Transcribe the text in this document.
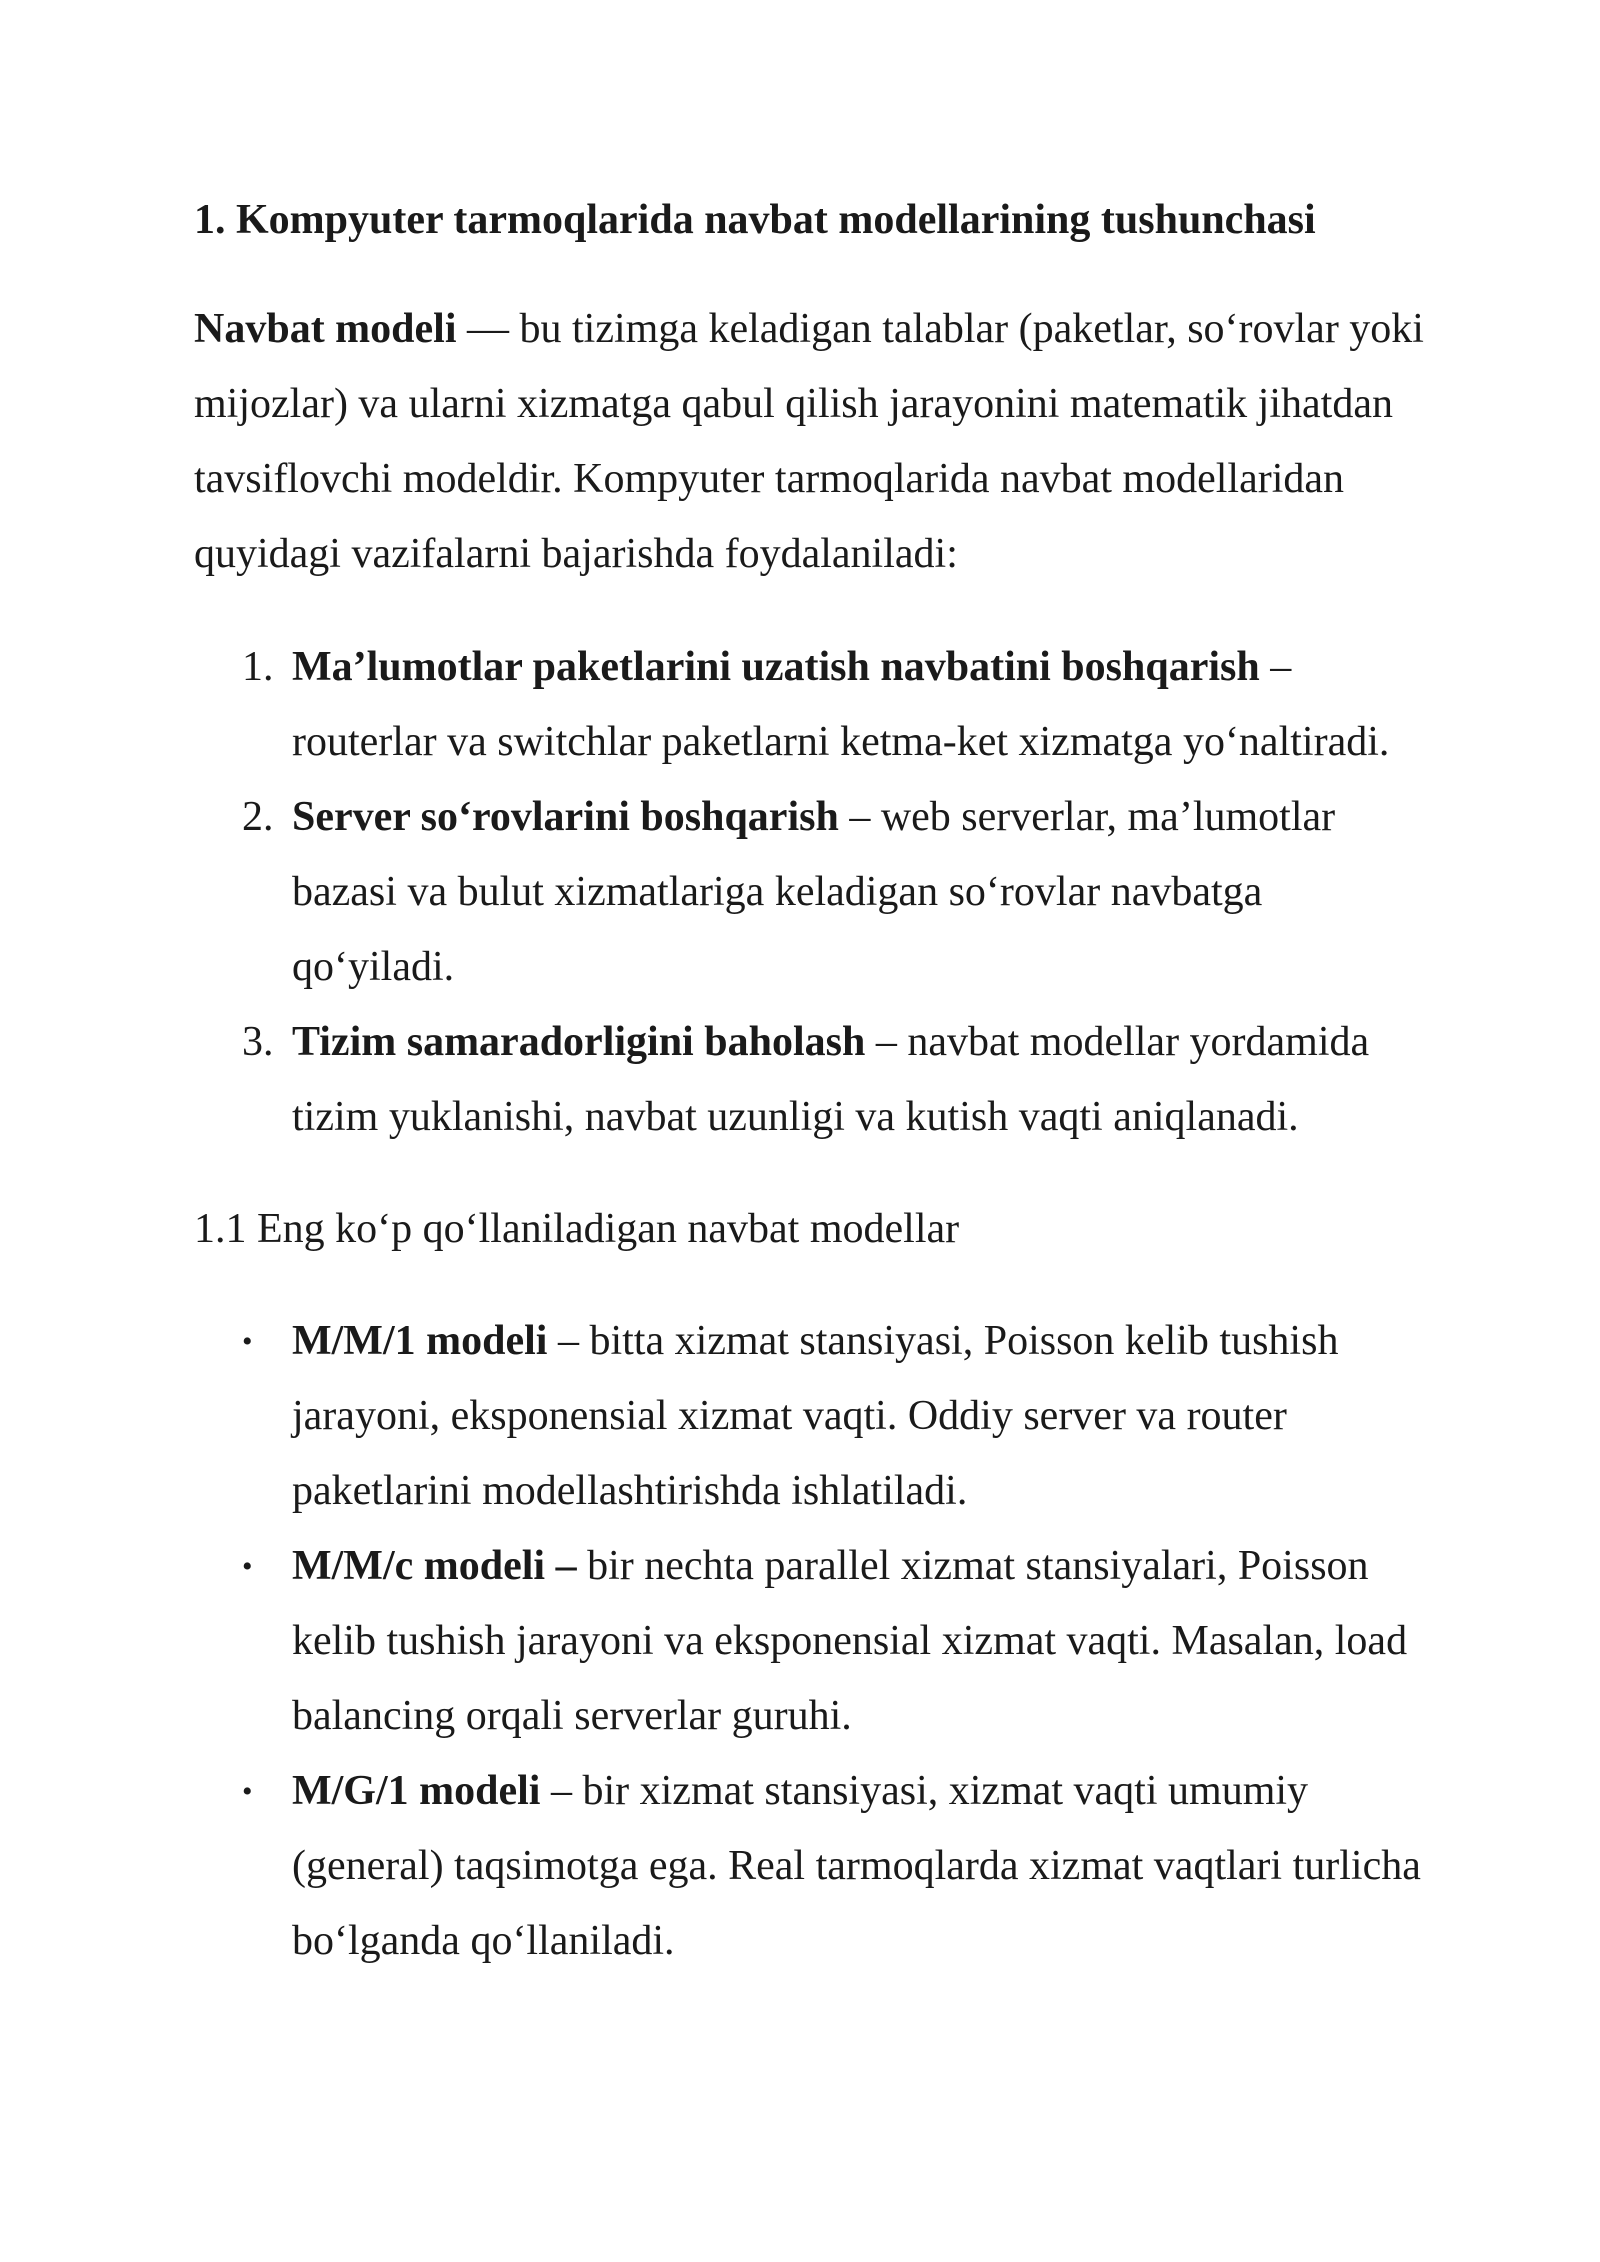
1. Kompyuter tarmoqlarida navbat modellarining tushunchasi

Navbat modeli — bu tizimga keladigan talablar (paketlar, so‘rovlar yoki mijozlar) va ularni xizmatga qabul qilish jarayonini matematik jihatdan tavsiflovchi modeldir. Kompyuter tarmoqlarida navbat modellaridan quyidagi vazifalarni bajarishda foydalaniladi:

1. Ma’lumotlar paketlarini uzatish navbatini boshqarish – routerlar va switchlar paketlarni ketma-ket xizmatga yo‘naltiradi.
2. Server so‘rovlarini boshqarish – web serverlar, ma’lumotlar bazasi va bulut xizmatlariga keladigan so‘rovlar navbatga qo‘yiladi.
3. Tizim samaradorligini baholash – navbat modellar yordamida tizim yuklanishi, navbat uzunligi va kutish vaqti aniqlanadi.

1.1 Eng ko‘p qo‘llaniladigan navbat modellar

• M/M/1 modeli – bitta xizmat stansiyasi, Poisson kelib tushish jarayoni, eksponensial xizmat vaqti. Oddiy server va router paketlarini modellashtirishda ishlatiladi.
• M/M/c modeli – bir nechta parallel xizmat stansiyalari, Poisson kelib tushish jarayoni va eksponensial xizmat vaqti. Masalan, load balancing orqali serverlar guruhi.
• M/G/1 modeli – bir xizmat stansiyasi, xizmat vaqti umumiy (general) taqsimotga ega. Real tarmoqlarda xizmat vaqtlari turlicha bo‘lganda qo‘llaniladi.
